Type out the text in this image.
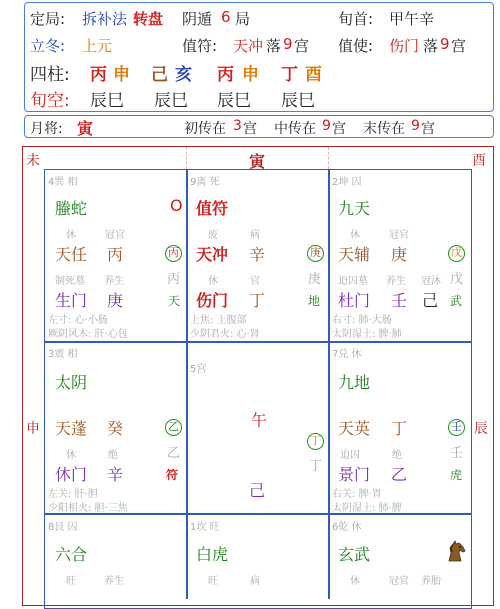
定局: 拆补法 转盘 阴遁 6 局	旬首: 甲午辛
立冬: 上元	值符: 天冲 落 9 宫 值使: 伤门 落 9 宫
四柱: 丙 申 己 亥 丙 申 丁 酉
旬空: 辰巳 辰巳 辰巳 辰巳
月将: 寅	初传在 3 宫 中传在 9 宫 末传在 9 宫
未	寅	酉
申	辰
4巽 相
螣蛇	O
休	冠官
天任 丙	丙
制死墓 养生	丙
生门 庚	天
左寸: 心·小肠
厥阴风木: 肝·心包
9离 死
值符
废	病
天冲 辛	庚
休	官	庚
伤门 丁	地
上焦: 上腹部
少阴君火: 心·肾
2坤 囚
九天
休	冠官
天辅 庚	戊
迫囚墓 养生 冠沐 戊
杜门 壬 己 武
右寸: 肺·大肠
太阴湿土: 脾·肺
3震 相
太阴
天蓬 癸	乙
休	绝	乙
休门 辛	符
左关: 肝·胆
少阳相火: 胆·三焦
5宫
午
丁
丁
己
7兑 休
九地
天英 丁	壬
迫囚	绝	壬
景门 乙	虎
右关: 脾·胃
太阴湿土: 肺·脾
8艮 囚
六合
旺	养生
1坎 旺
白虎
旺	病
6乾 休
玄武
休	冠官 养胎
